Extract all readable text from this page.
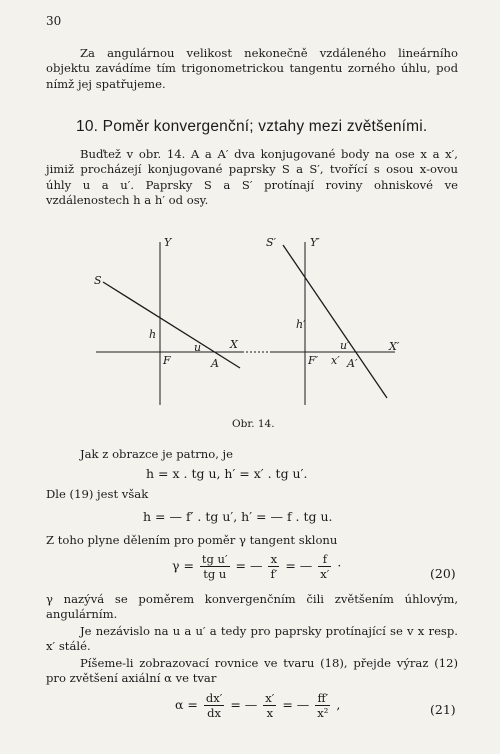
30
Za angulárnou velikost nekonečně vzdáleného lineárního objektu zavádíme tím trigonometrickou tangentu zorného úhlu, pod nímž jej spatřujeme.
10. Poměr konvergenční; vztahy mezi zvětšeními.
Buďtež v obr. 14. A a A′ dva konjugované body na ose x a x′, jimiž procházejí konjugované paprsky S a S′, tvořící s osou x-ovou úhly u a u′. Paprsky S a S′ protínají roviny ohniskové ve vzdálenostech h a h′ od osy.
Y
S
h
u	X
F	A
S′	Y′
h′
u′	X′
F′ x′ A′
Obr. 14.
Jak z obrazce je patrno, je
h = x . tg u, h′ = x′ . tg u′.
Dle (19) jest však
h = — f′ . tg u′, h′ = — f . tg u.
Z toho plyne dělením pro poměr γ tangent sklonu
$\gamma = \frac{\text{tg u′}}{\text{tg u}}$ = — $\frac{x}{f'}$ = — $\frac{f}{x'}$ ·
(20)
γ nazývá se poměrem konvergenčním čili zvětšením úhlovým, angulárním.
Je nezávislo na u a u′ a tedy pro paprsky protínající se v x resp. x′ stálé.
Píšeme-li zobrazovací rovnice ve tvaru (18), přejde výraz (12) pro zvětšení axiální α ve tvar
$\alpha = \frac{dx'}{dx}$ = — $\frac{x'}{x}$ = — $\frac{ff'}{\text{x²}}$ ,	(21)
